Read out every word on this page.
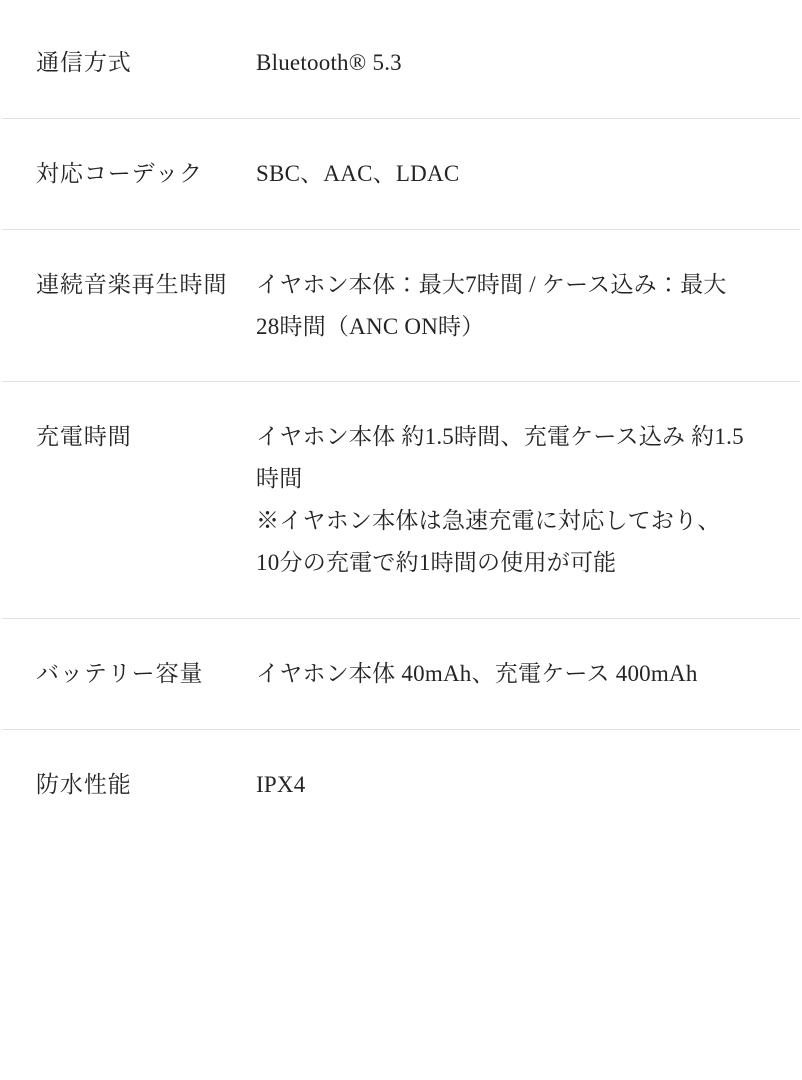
通信方式	Bluetooth® 5.3

対応コーデック	SBC、AAC、LDAC

連続音楽再生時間	イヤホン本体：最大7時間 / ケース込み：最大28時間（ANC ON時）

充電時間	イヤホン本体 約1.5時間、充電ケース込み 約1.5時間
※イヤホン本体は急速充電に対応しており、10分の充電で約1時間の使用が可能

バッテリー容量	イヤホン本体 40mAh、充電ケース 400mAh

防水性能	IPX4
